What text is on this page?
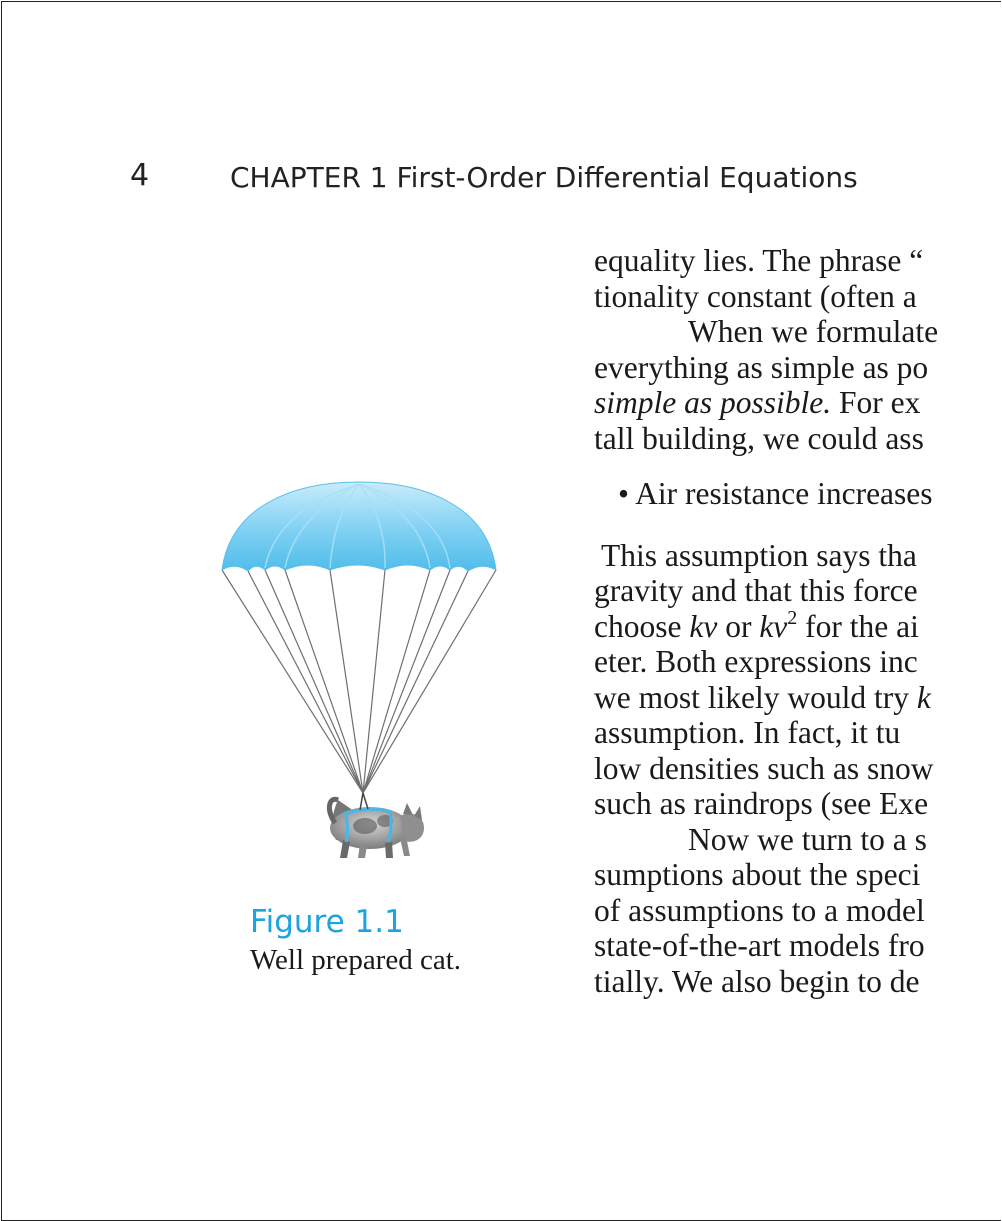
4	CHAPTER 1 First-Order Differential Equations
equality lies. The phrase “
tionality constant (often a
When we formulate
everything as simple as po
simple as possible. For ex
tall building, we could ass
• Air resistance increases
This assumption says tha
gravity and that this force
choose kv or $kv^2$ for the ai
eter. Both expressions inc
we most likely would try k
assumption. In fact, it tu
low densities such as snow
such as raindrops (see Exe
Now we turn to a s
sumptions about the speci
of assumptions to a model
state-of-the-art models fro
tially. We also begin to de
Figure 1.1
Well prepared cat.
